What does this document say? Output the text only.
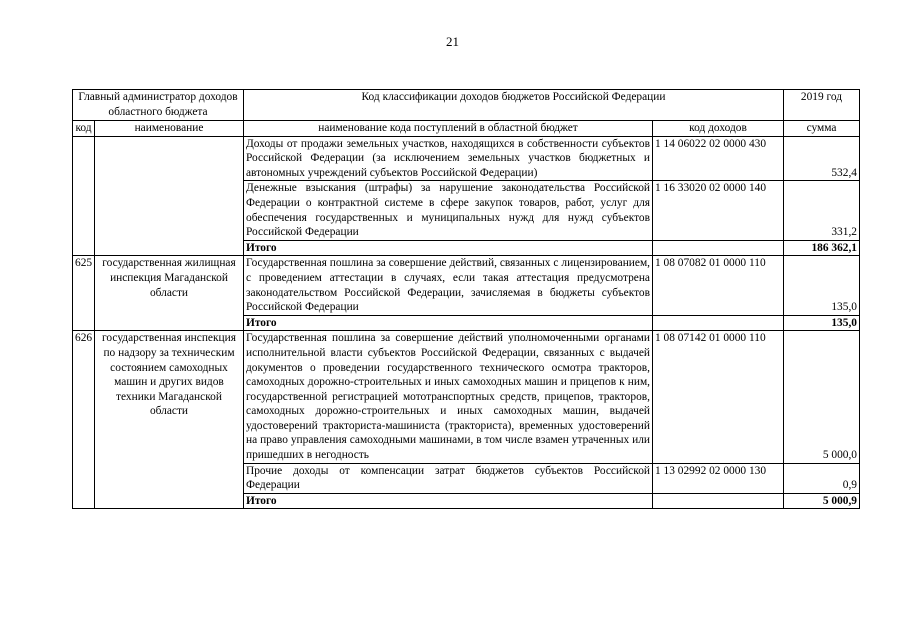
21
Главный администратор доходов областного бюджета		Код классификации доходов бюджетов Российской Федерации		2019 год
код	наименование	наименование кода поступлений в областной бюджет	код доходов	сумма
		Доходы от продажи земельных участков, находящихся в собственности субъектов Российской Федерации (за исключением земельных участков бюджетных и автономных учреждений субъектов Российской Федерации)	1 14 06022 02 0000 430	532,4
		Денежные взыскания (штрафы) за нарушение законодательства Российской Федерации о контрактной системе в сфере закупок товаров, работ, услуг для обеспечения государственных и муниципальных нужд для нужд субъектов Российской Федерации	1 16 33020 02 0000 140	331,2
		Итого		186 362,1
625	государственная жилищная инспекция Магаданской области	Государственная пошлина за совершение действий, связанных с лицензированием, с проведением аттестации в случаях, если такая аттестация предусмотрена законодательством Российской Федерации, зачисляемая в бюджеты субъектов Российской Федерации	1 08 07082 01 0000 110	135,0
		Итого		135,0
626	государственная инспекция по надзору за техническим состоянием самоходных машин и других видов техники Магаданской области	Государственная пошлина за совершение действий уполномоченными органами исполнительной власти субъектов Российской Федерации, связанных с выдачей документов о проведении государственного технического осмотра тракторов, самоходных дорожно-строительных и иных самоходных машин и прицепов к ним, государственной регистрацией мототранспортных средств, прицепов, тракторов, самоходных дорожно-строительных и иных самоходных машин, выдачей удостоверений тракториста-машиниста (тракториста), временных удостоверений на право управления самоходными машинами, в том числе взамен утраченных или пришедших в негодность	1 08 07142 01 0000 110	5 000,0
		Прочие доходы от компенсации затрат бюджетов субъектов Российской Федерации	1 13 02992 02 0000 130	0,9
		Итого		5 000,9
